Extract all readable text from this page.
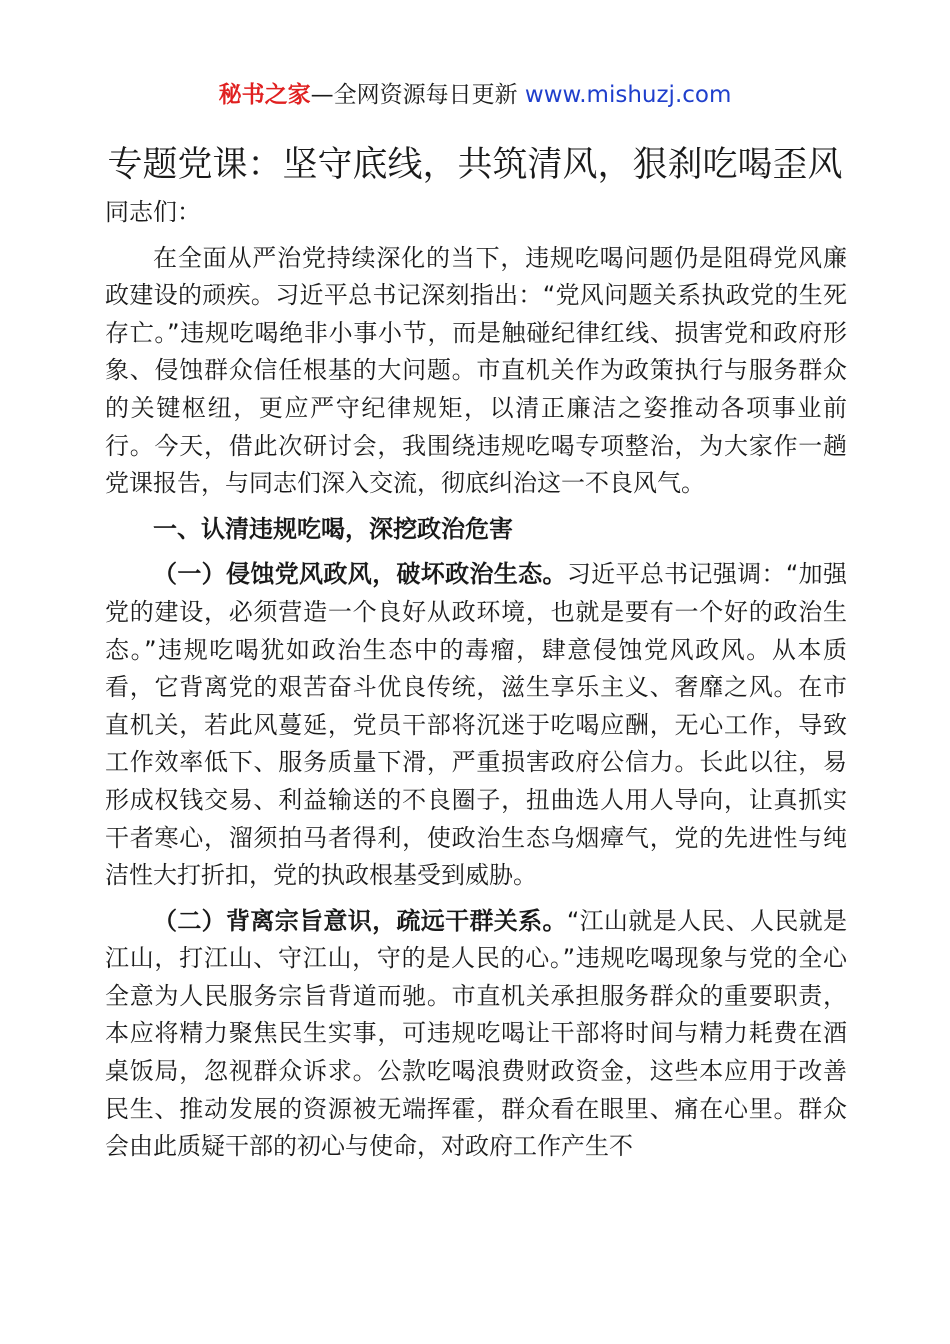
秘书之家—全网资源每日更新 www.mishuzj.com
专题党课：坚守底线，共筑清风，狠刹吃喝歪风

同志们：

在全面从严治党持续深化的当下，违规吃喝问题仍是阻碍党风廉政建设的顽疾。习近平总书记深刻指出：“党风问题关系执政党的生死存亡。”违规吃喝绝非小事小节，而是触碰纪律红线、损害党和政府形象、侵蚀群众信任根基的大问题。市直机关作为政策执行与服务群众的关键枢纽，更应严守纪律规矩，以清正廉洁之姿推动各项事业前行。今天，借此次研讨会，我围绕违规吃喝专项整治，为大家作一趟党课报告，与同志们深入交流，彻底纠治这一不良风气。

一、认清违规吃喝，深挖政治危害

（一）侵蚀党风政风，破坏政治生态。习近平总书记强调：“加强党的建设，必须营造一个良好从政环境，也就是要有一个好的政治生态。”违规吃喝犹如政治生态中的毒瘤，肆意侵蚀党风政风。从本质看，它背离党的艰苦奋斗优良传统，滋生享乐主义、奢靡之风。在市直机关，若此风蔓延，党员干部将沉迷于吃喝应酬，无心工作，导致工作效率低下、服务质量下滑，严重损害政府公信力。长此以往，易形成权钱交易、利益输送的不良圈子，扭曲选人用人导向，让真抓实干者寒心，溜须拍马者得利，使政治生态乌烟瘴气，党的先进性与纯洁性大打折扣，党的执政根基受到威胁。

（二）背离宗旨意识，疏远干群关系。“江山就是人民、人民就是江山，打江山、守江山，守的是人民的心。”违规吃喝现象与党的全心全意为人民服务宗旨背道而驰。市直机关承担服务群众的重要职责，本应将精力聚焦民生实事，可违规吃喝让干部将时间与精力耗费在酒桌饭局，忽视群众诉求。公款吃喝浪费财政资金，这些本应用于改善民生、推动发展的资源被无端挥霍，群众看在眼里、痛在心里。群众会由此质疑干部的初心与使命，对政府工作产生不
